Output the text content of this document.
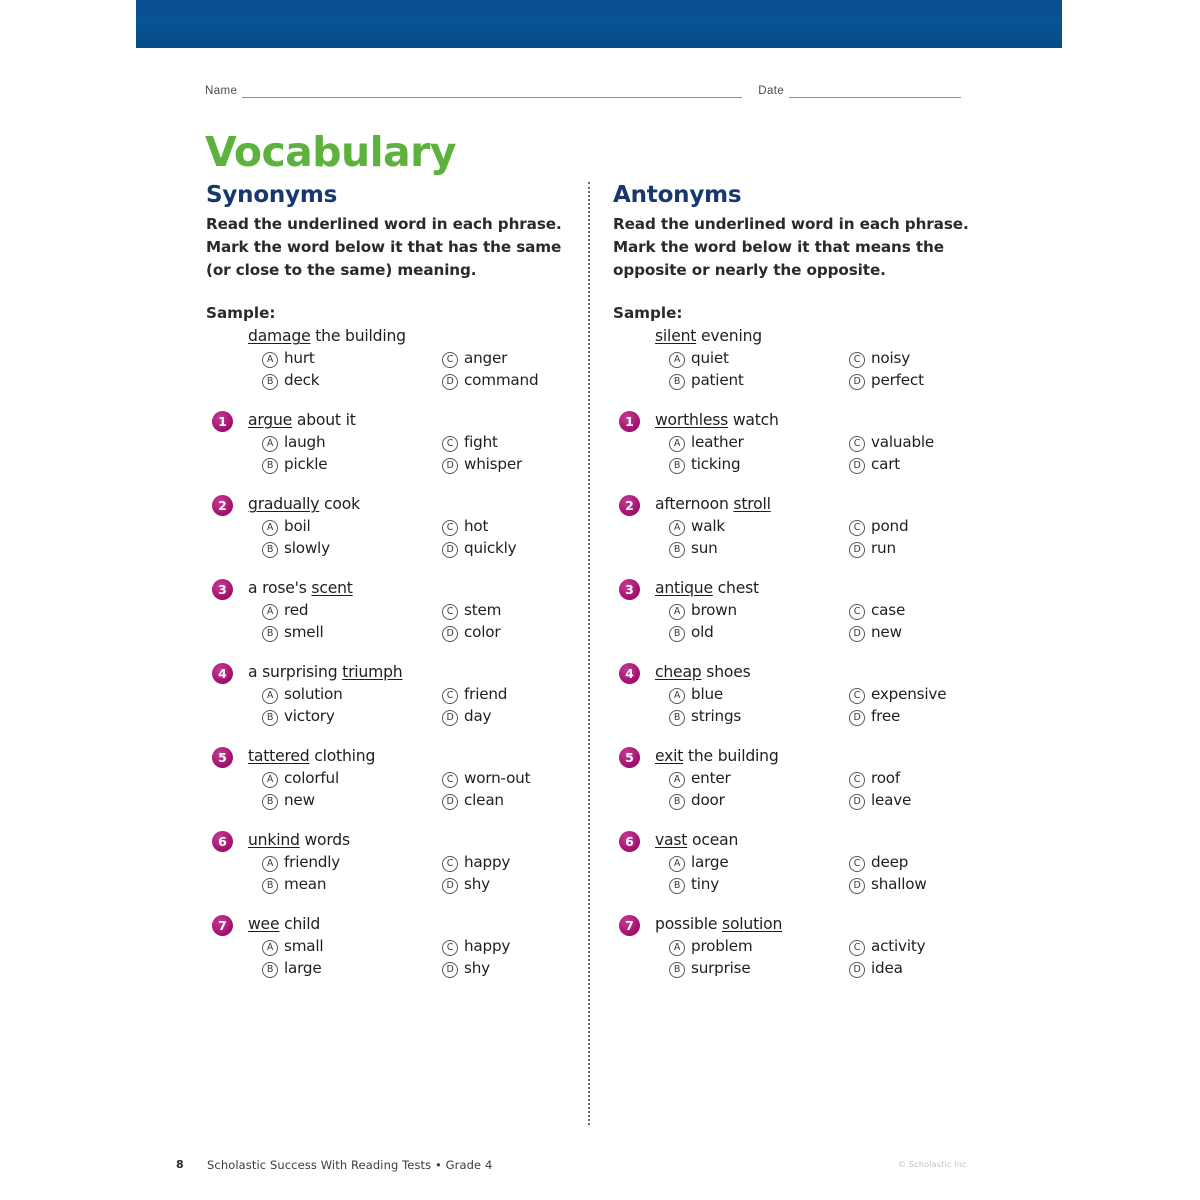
Name	Date
Vocabulary
Synonyms
Read the underlined word in each phrase. Mark the word below it that has the same (or close to the same) meaning.
Sample:
damage the building
A hurt	C anger
B deck	D command
1	argue about it
A laugh	C fight
B pickle	D whisper
2	gradually cook
A boil	C hot
B slowly	D quickly
3	a rose's scent
A red	C stem
B smell	D color
4	a surprising triumph
A solution	C friend
B victory	D day
5	tattered clothing
A colorful	C worn-out
B new	D clean
6	unkind words
A friendly	C happy
B mean	D shy
7	wee child
A small	C happy
B large	D shy
Antonyms
Read the underlined word in each phrase. Mark the word below it that means the opposite or nearly the opposite.
Sample:
silent evening
A quiet	C noisy
B patient	D perfect
1	worthless watch
A leather	C valuable
B ticking	D cart
2	afternoon stroll
A walk	C pond
B sun	D run
3	antique chest
A brown	C case
B old	D new
4	cheap shoes
A blue	C expensive
B strings	D free
5	exit the building
A enter	C roof
B door	D leave
6	vast ocean
A large	C deep
B tiny	D shallow
7	possible solution
A problem	C activity
B surprise	D idea
8 Scholastic Success With Reading Tests • Grade 4	© Scholastic Inc.
